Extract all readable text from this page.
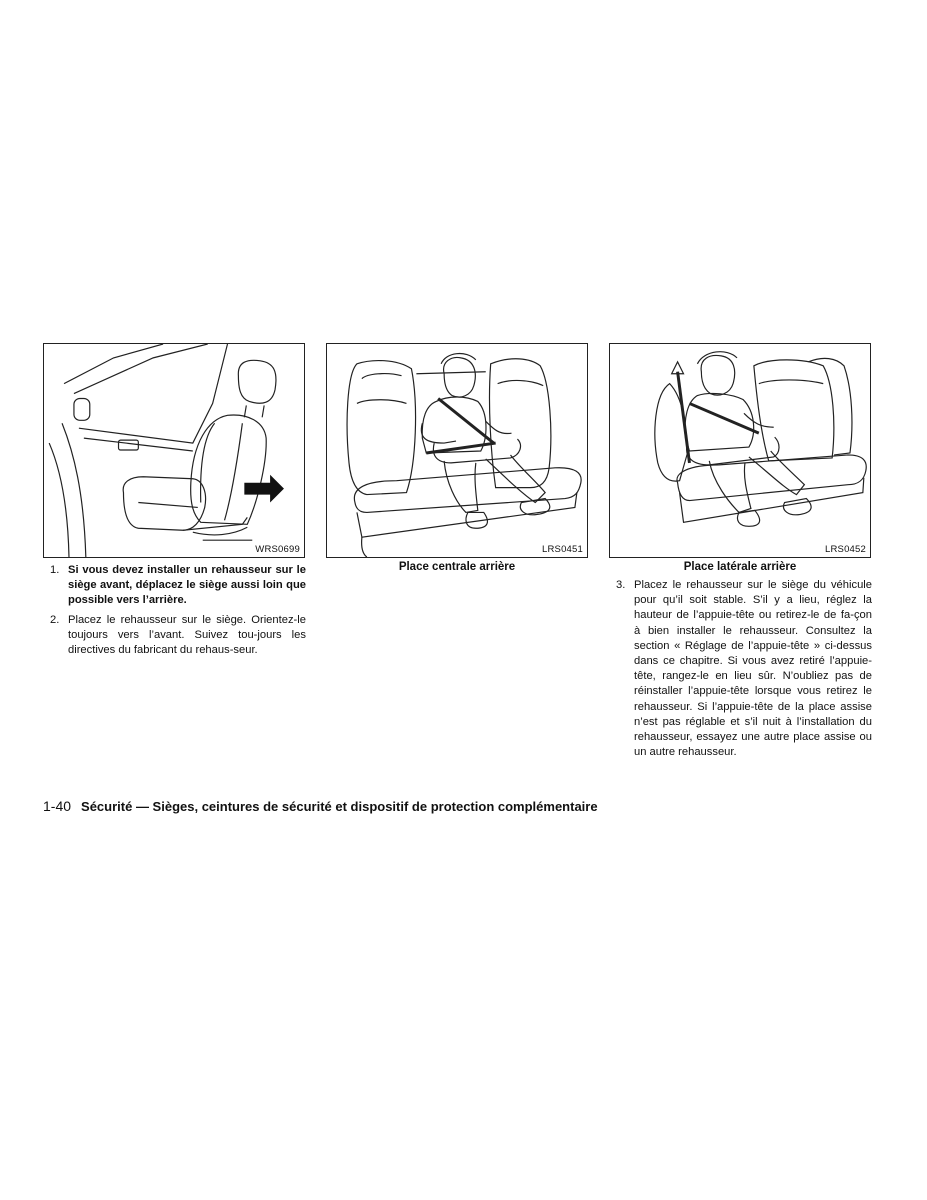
WRS0699	LRS0451	LRS0452
Place centrale arrière	Place latérale arrière
1. Si vous devez installer un rehausseur sur le siège avant, déplacez le siège aussi loin que possible vers l’arrière.
2. Placez le rehausseur sur le siège. Orientez-le toujours vers l’avant. Suivez tou-jours les directives du fabricant du rehaus-seur.
3. Placez le rehausseur sur le siège du véhicule pour qu’il soit stable. S’il y a lieu, réglez la hauteur de l’appuie-tête ou retirez-le de fa-çon à bien installer le rehausseur. Consultez la section « Réglage de l’appuie-tête » ci-dessus dans ce chapitre. Si vous avez retiré l’appuie-tête, rangez-le en lieu sûr. N’oubliez pas de réinstaller l’appuie-tête lorsque vous retirez le rehausseur. Si l’appuie-tête de la place assise n’est pas réglable et s’il nuit à l’installation du rehausseur, essayez une autre place assise ou un autre rehausseur.
1-40 Sécurité — Sièges, ceintures de sécurité et dispositif de protection complémentaire
